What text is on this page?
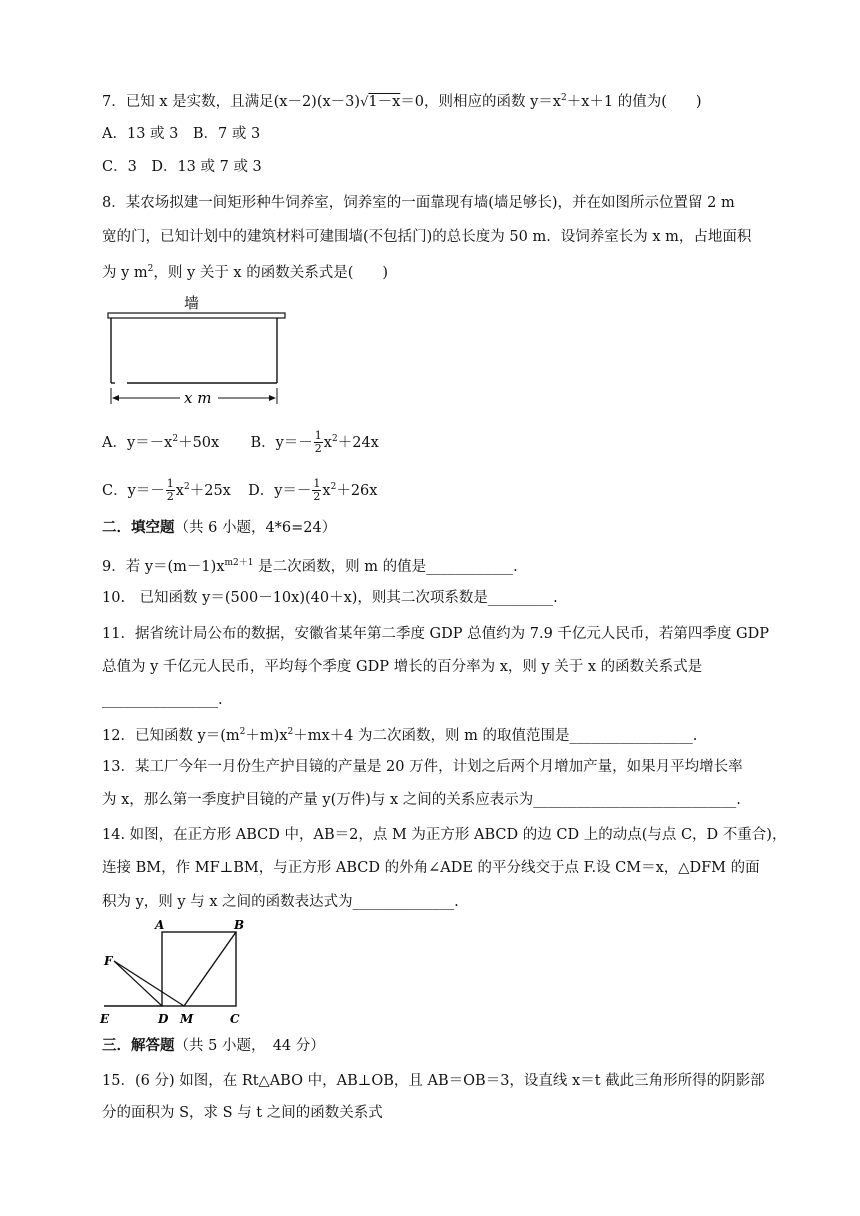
7．已知 x 是实数，且满足(x－2)(x－3)√1－x＝0，则相应的函数 $y=x^2+x+1$ 的值为(　　)
A．13 或 3　B．7 或 3
C．3　D．13 或 7 或 3
8．某农场拟建一间矩形种牛饲养室，饲养室的一面靠现有墙(墙足够长)，并在如图所示位置留 2 m
宽的门，已知计划中的建筑材料可建围墙(不包括门)的总长度为 50 m．设饲养室长为 x m，占地面积
为 y $m^2$，则 y 关于 x 的函数关系式是(　　)
墙
x m
A．$y=-x^2+50x$ B．$y=- \frac{1}{2} x^2+24x$
C．$y=- \frac{1}{2} x^2+25x$ D．$y=- \frac{1}{2} x^2+26x$
二．填空题（共 6 小题，4*6=24）
9．若 $y=(m-1)x^{m2+1}$ 是二次函数，则 m 的值是____________.
10.　已知函数 y＝(500－10x)(40＋x)，则其二次项系数是_________.
11．据省统计局公布的数据，安徽省某年第二季度 GDP 总值约为 7.9 千亿元人民币，若第四季度 GDP
总值为 y 千亿元人民币，平均每个季度 GDP 增长的百分率为 x，则 y 关于 x 的函数关系式是
________________.
12．已知函数 $y=(m^2+m)x^2+mx+4$ 为二次函数，则 m 的取值范围是_________________.
13．某工厂今年一月份生产护目镜的产量是 20 万件，计划之后两个月增加产量，如果月平均增长率
为 x，那么第一季度护目镜的产量 y(万件)与 x 之间的关系应表示为____________________________.
14. 如图，在正方形 ABCD 中，AB＝2，点 M 为正方形 ABCD 的边 CD 上的动点(与点 C，D 不重合)，
连接 BM，作 MF⊥BM，与正方形 ABCD 的外角∠ADE 的平分线交于点 F.设 CM＝x，△DFM 的面
积为 y，则 y 与 x 之间的函数表达式为______________.
A	B
C
D
E
F
M
三．解答题（共 5 小题，　44 分）
15．(6 分) 如图，在 Rt△ABO 中，AB⊥OB，且 AB＝OB＝3，设直线 x＝t 截此三角形所得的阴影部
分的面积为 S，求 S 与 t 之间的函数关系式
